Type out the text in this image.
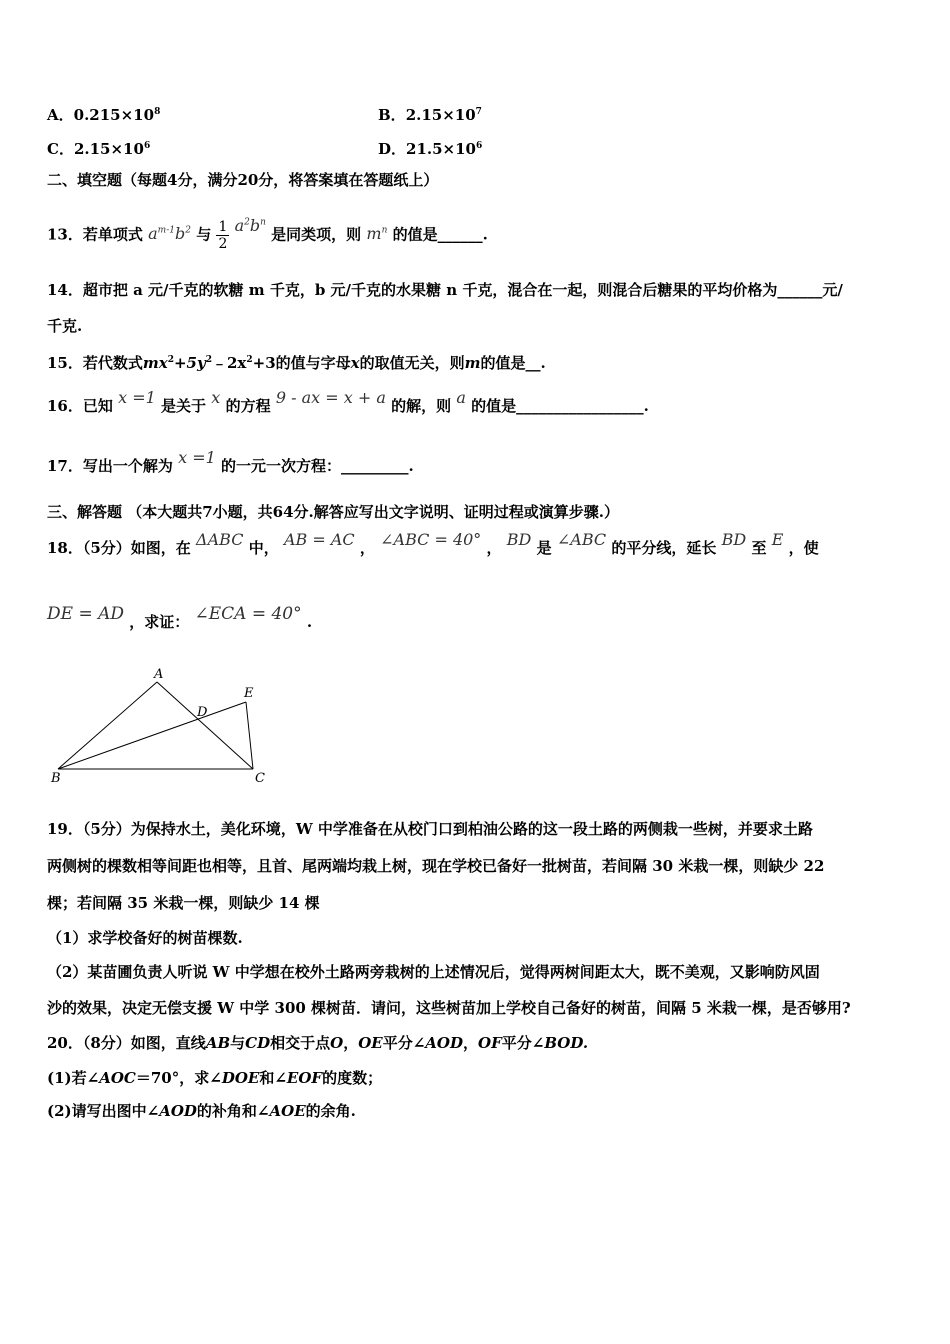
A．$0.215\times 10^8$	B．$2.15\times 10^7$
C．$2.15\times 10^6$	D．$21.5\times 10^6$
二、填空题（每题4分，满分20分，将答案填在答题纸上）
13．若单项式 $a^{m-1}b^2$ 与 $\frac{1}{2} a^2b^n$ 是同类项，则 $m^n$ 的值是______.
14．超市把 a 元/千克的软糖 m 千克，b 元/千克的水果糖 n 千克，混合在一起，则混合后糖果的平均价格为______元/
千克.
15．若代数式$mx^2+5y^2﹣2x^2+3$的值与字母x的取值无关，则m的值是__.
16．已知 x =1 是关于 x 的方程 9 - ax = x + a 的解，则 a 的值是_________________.
17．写出一个解为 x =1 的一元一次方程：_________.
三、解答题 （本大题共7小题，共64分.解答应写出文字说明、证明过程或演算步骤.）
18．（5分）如图，在 ΔABC 中， AB = AC ， ∠ABC = 40° ， BD 是 ∠ABC 的平分线，延长 BD 至 E ，使
DE = AD ，求证： ∠ECA = 40° .
A
B	C
D
E
19．（5分）为保持水土，美化环境，W 中学准备在从校门口到柏油公路的这一段土路的两侧栽一些树，并要求土路
两侧树的棵数相等间距也相等，且首、尾两端均栽上树，现在学校已备好一批树苗，若间隔 30 米栽一棵，则缺少 22
棵；若间隔 35 米栽一棵，则缺少 14 棵
（1）求学校备好的树苗棵数.
（2）某苗圃负责人听说 W 中学想在校外土路两旁栽树的上述情况后，觉得两树间距太大，既不美观，又影响防风固
沙的效果，决定无偿支援 W 中学 300 棵树苗．请问，这些树苗加上学校自己备好的树苗，间隔 5 米栽一棵，是否够用?
20．（8分）如图，直线AB与CD相交于点O，OE平分∠AOD，OF平分∠BOD.
(1)若∠AOC＝70°，求∠DOE和∠EOF的度数；
(2)请写出图中∠AOD的补角和∠AOE的余角.
